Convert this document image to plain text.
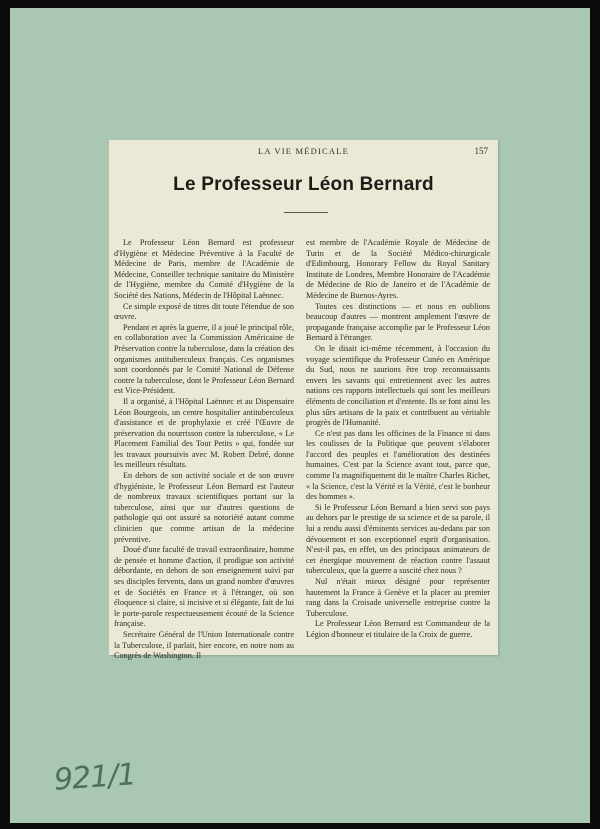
LA VIE MÉDICALE	157
Le Professeur Léon Bernard

Le Professeur Léon Bernard est professeur d'Hygiène et Médecine Préventive à la Faculté de Médecine de Paris, membre de l'Académie de Médecine, Conseiller technique sanitaire du Ministère de l'Hygiène, membre du Comité d'Hygiène de la Société des Nations, Médecin de l'Hôpital Laënnec.

Ce simple exposé de titres dit toute l'étendue de son œuvre.

Pendant et après la guerre, il a joué le principal rôle, en collaboration avec la Commission Américaine de Préservation contre la tuberculose, dans la création des organismes antituberculeux français. Ces organismes sont coordonnés par le Comité National de Défense contre la tuberculose, dont le Professeur Léon Bernard est Vice-Président.

Il a organisé, à l'Hôpital Laënnec et au Dispensaire Léon Bourgeois, un centre hospitalier antituberculeux d'assistance et de prophylaxie et créé l'Œuvre de préservation du nourrisson contre la tuberculose, « Le Placement Familial des Tout Petits » qui, fondée sur les travaux poursuivis avec M. Robert Debré, donne les meilleurs résultats.

En dehors de son activité sociale et de son œuvre d'hygiéniste, le Professeur Léon Bernard est l'auteur de nombreux travaux scientifiques portant sur la tuberculose, ainsi que sur d'autres questions de pathologie qui ont assuré sa notoriété autant comme clinicien que comme artisan de la médecine préventive.

Doué d'une faculté de travail extraordinaire, homme de pensée et homme d'action, il prodigue son activité débordante, en dehors de son enseignement suivi par ses disciples fervents, dans un grand nombre d'œuvres et de Sociétés en France et à l'étranger, où son éloquence si claire, si incisive et si élégante, fait de lui le porte-parole respectueusement écouté de la Science française.

Secrétaire Général de l'Union Internationale contre la Tuberculose, il parlait, hier encore, en notre nom au Congrès de Washington. Il

est membre de l'Académie Royale de Médecine de Turin et de la Société Médico-chirurgicale d'Edimbourg, Honorary Fellow du Royal Sanitary Institute de Londres, Membre Honoraire de l'Académie de Médecine de Rio de Janeiro et de l'Académie de Médecine de Buenos-Ayres.

Toutes ces distinctions — et nous en oublions beaucoup d'autres — montrent amplement l'œuvre de propagande française accomplie par le Professeur Léon Bernard à l'étranger.

On le disait ici-même récemment, à l'occasion du voyage scientifique du Professeur Cunéo en Amérique du Sud, nous ne saurions être trop reconnaissants envers les savants qui entretiennent avec les autres nations ces rapports intellectuels qui sont les meilleurs éléments de conciliation et d'entente. Ils se font ainsi les plus sûrs artisans de la paix et contribuent au véritable progrès de l'Humanité.

Ce n'est pas dans les officines de la Finance ni dans les coulisses de la Politique que peuvent s'élaborer l'accord des peuples et l'amélioration des destinées humaines. C'est par la Science avant tout, parce que, comme l'a magnifiquement dit le maître Charles Richet, « la Science, c'est la Vérité et la Vérité, c'est le bonheur des hommes ».

Si le Professeur Léon Bernard a bien servi son pays au dehors par le prestige de sa science et de sa parole, il lui a rendu aussi d'éminents services au-dedans par son dévouement et son exceptionnel esprit d'organisation. N'est-il pas, en effet, un des principaux animateurs de cet énergique mouvement de réaction contre l'assaut tuberculeux, que la guerre a suscité chez nous ?

Nul n'était mieux désigné pour représenter hautement la France à Genève et la placer au premier rang dans la Croisade universelle entreprise contre la Tuberculose.

Le Professeur Léon Bernard est Commandeur de la Légion d'honneur et titulaire de la Croix de guerre.

921/1
